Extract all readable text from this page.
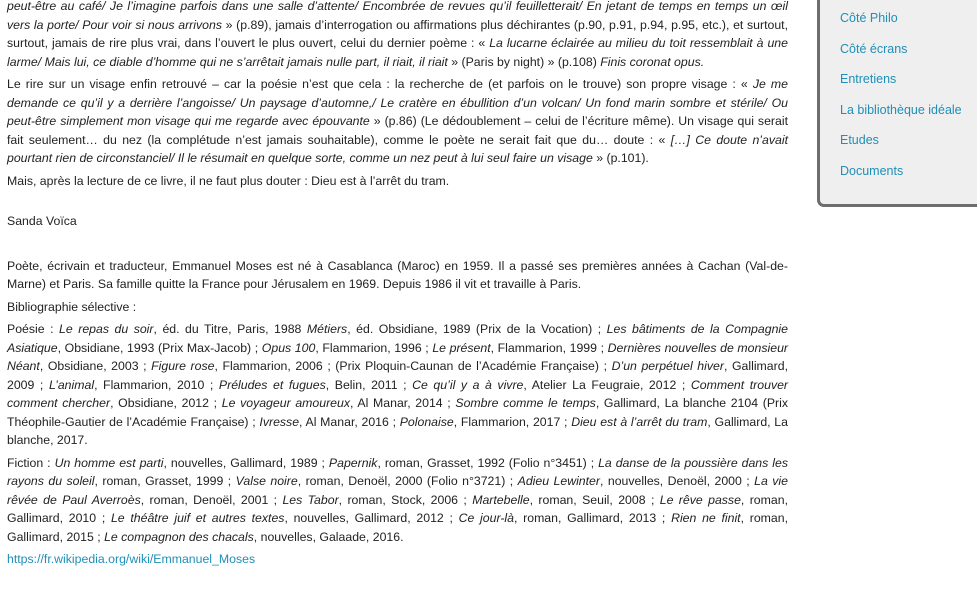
peut-être au café/ Je l’imagine parfois dans une salle d’attente/ Encombrée de revues qu’il feuilletterait/ En jetant de temps en temps un œil vers la porte/ Pour voir si nous arrivons » (p.89), jamais d’interrogation ou affirmations plus déchirantes (p.90, p.91, p.94, p.95, etc.), et surtout, surtout, jamais de rire plus vrai, dans l’ouvert le plus ouvert, celui du dernier poème : « La lucarne éclairée au milieu du toit ressemblait à une larme/ Mais lui, ce diable d’homme qui ne s’arrêtait jamais nulle part, il riait, il riait » (Paris by night) » (p.108) Finis coronat opus.

Le rire sur un visage enfin retrouvé – car la poésie n’est que cela : la recherche de (et parfois on le trouve) son propre visage : « Je me demande ce qu’il y a derrière l’angoisse/ Un paysage d’automne,/ Le cratère en ébullition d’un volcan/ Un fond marin sombre et stérile/ Ou peut-être simplement mon visage qui me regarde avec épouvante » (p.86) (Le dédoublement – celui de l’écriture même). Un visage qui serait fait seulement… du nez (la complétude n’est jamais souhaitable), comme le poète ne serait fait que du… doute : « […] Ce doute n’avait pourtant rien de circonstanciel/ Il le résumait en quelque sorte, comme un nez peut à lui seul faire un visage » (p.101).

Mais, après la lecture de ce livre, il ne faut plus douter : Dieu est à l’arrêt du tram.

Sanda Voïca

Poète, écrivain et traducteur, Emmanuel Moses est né à Casablanca (Maroc) en 1959. Il a passé ses premières années à Cachan (Val-de-Marne) et Paris. Sa famille quitte la France pour Jérusalem en 1969. Depuis 1986 il vit et travaille à Paris.

Bibliographie sélective :

Poésie : Le repas du soir, éd. du Titre, Paris, 1988 Métiers, éd. Obsidiane, 1989 (Prix de la Vocation) ; Les bâtiments de la Compagnie Asiatique, Obsidiane, 1993 (Prix Max-Jacob) ; Opus 100, Flammarion, 1996 ; Le présent, Flammarion, 1999 ; Dernières nouvelles de monsieur Néant, Obsidiane, 2003 ; Figure rose, Flammarion, 2006 ; (Prix Ploquin-Caunan de l’Académie Française) ; D’un perpétuel hiver, Gallimard, 2009 ; L’animal, Flammarion, 2010 ; Préludes et fugues, Belin, 2011 ; Ce qu’il y a à vivre, Atelier La Feugraie, 2012 ; Comment trouver comment chercher, Obsidiane, 2012 ; Le voyageur amoureux, Al Manar, 2014 ; Sombre comme le temps, Gallimard, La blanche 2104 (Prix Théophile-Gautier de l’Académie Française) ; Ivresse, Al Manar, 2016 ; Polonaise, Flammarion, 2017 ; Dieu est à l’arrêt du tram, Gallimard, La blanche, 2017.

Fiction : Un homme est parti, nouvelles, Gallimard, 1989 ; Papernik, roman, Grasset, 1992 (Folio n°3451) ; La danse de la poussière dans les rayons du soleil, roman, Grasset, 1999 ; Valse noire, roman, Denoël, 2000 (Folio n°3721) ; Adieu Lewinter, nouvelles, Denoël, 2000 ; La vie rêvée de Paul Averroès, roman, Denoël, 2001 ; Les Tabor, roman, Stock, 2006 ; Martebelle, roman, Seuil, 2008 ; Le rêve passe, roman, Gallimard, 2010 ; Le théâtre juif et autres textes, nouvelles, Gallimard, 2012 ; Ce jour-là, roman, Gallimard, 2013 ; Rien ne finit, roman, Gallimard, 2015 ; Le compagnon des chacals, nouvelles, Galaade, 2016.

https://fr.wikipedia.org/wiki/Emmanuel_Moses

Côté Philo
Côté écrans
Entretiens
La bibliothèque idéale
Etudes
Documents
